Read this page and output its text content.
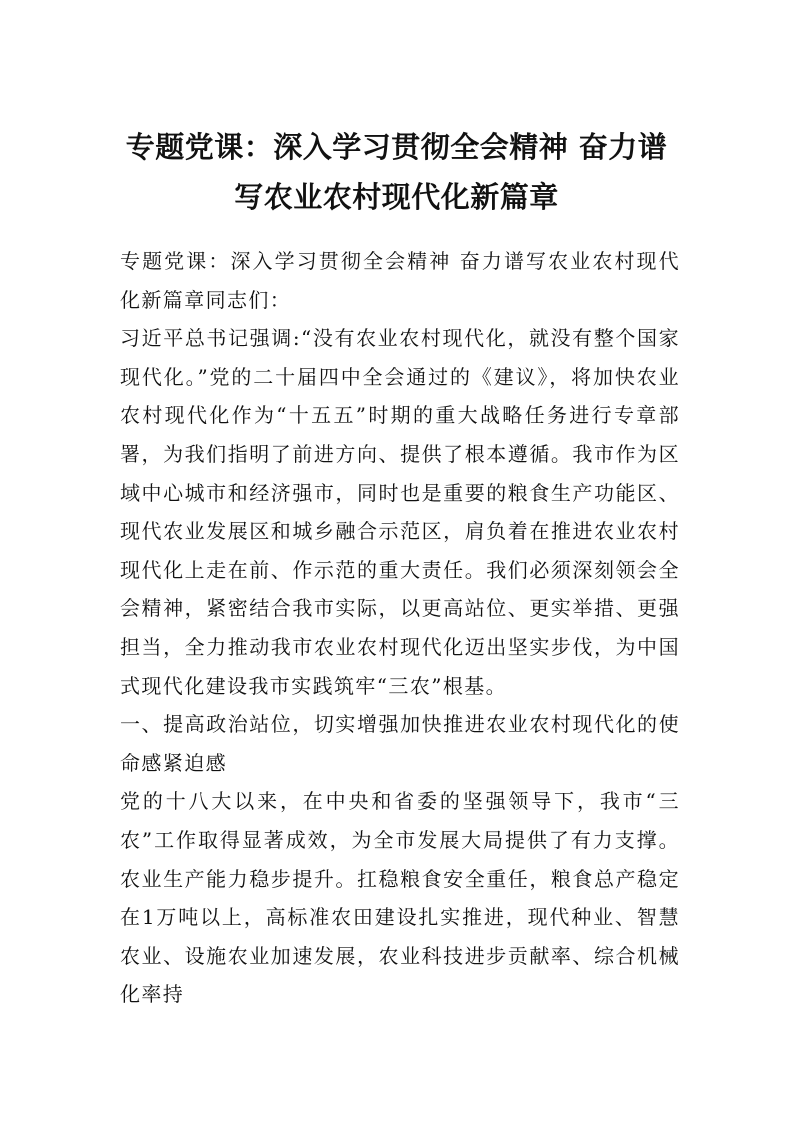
专题党课：深入学习贯彻全会精神 奋力谱
写农业农村现代化新篇章

专题党课：深入学习贯彻全会精神 奋力谱写农业农村现代化新篇章同志们：

习近平总书记强调:“没有农业农村现代化，就没有整个国家现代化。”党的二十届四中全会通过的《建议》，将加快农业农村现代化作为“十五五”时期的重大战略任务进行专章部署，为我们指明了前进方向、提供了根本遵循。我市作为区域中心城市和经济强市，同时也是重要的粮食生产功能区、现代农业发展区和城乡融合示范区，肩负着在推进农业农村现代化上走在前、作示范的重大责任。我们必须深刻领会全会精神，紧密结合我市实际，以更高站位、更实举措、更强担当，全力推动我市农业农村现代化迈出坚实步伐，为中国式现代化建设我市实践筑牢“三农”根基。

一、提高政治站位，切实增强加快推进农业农村现代化的使命感紧迫感

党的十八大以来，在中央和省委的坚强领导下，我市“三农”工作取得显著成效，为全市发展大局提供了有力支撑。农业生产能力稳步提升。扛稳粮食安全重任，粮食总产稳定在1万吨以上，高标准农田建设扎实推进，现代种业、智慧农业、设施农业加速发展，农业科技进步贡献率、综合机械化率持
